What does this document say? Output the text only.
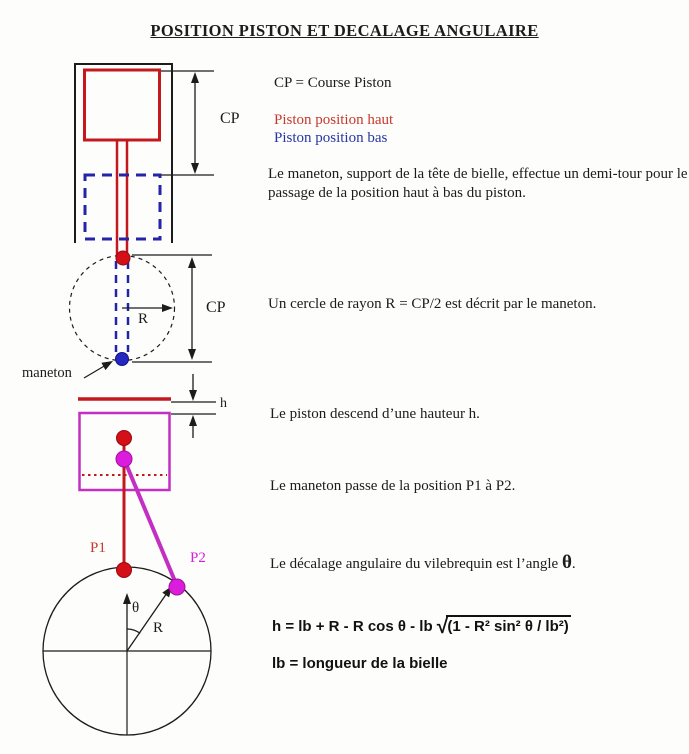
POSITION PISTON ET DECALAGE ANGULAIRE
CP
CP
R
maneton
h
P1
P2
θ
R
CP = Course Piston
Piston position haut
Piston position bas
Le maneton, support de la tête de bielle, effectue un demi-tour pour le passage de la position haut à bas du piston.
Un cercle de rayon R = CP/2 est décrit par le maneton.
Le piston descend d’une hauteur h.
Le maneton passe de la position P1 à P2.
Le décalage angulaire du vilebrequin est l’angle θ.
h = lb + R - R cos θ - lb √(1 - R² sin² θ / lb²)
lb = longueur de la bielle
